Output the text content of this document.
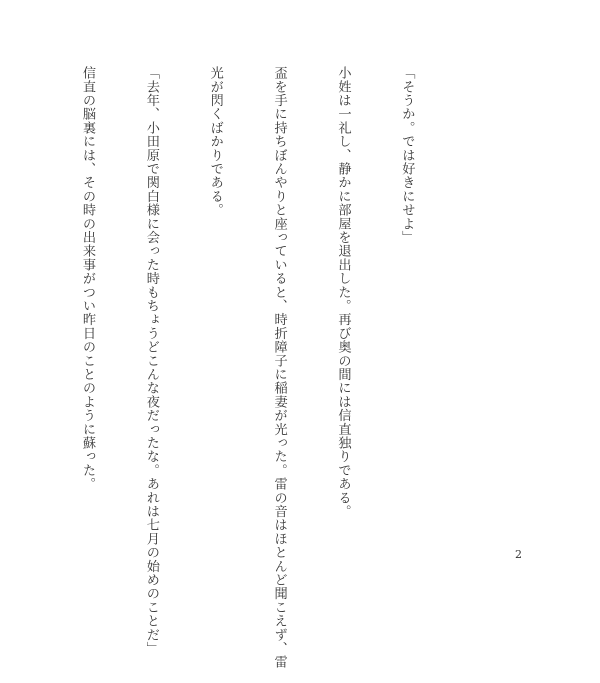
「そうか。では好きにせよ」

小姓は一礼し、静かに部屋を退出した。再び奥の間には信直独りである。

盃を手に持ちぼんやりと座っていると、時折障子に稲妻が光った。雷の音はほとんど聞こえず、雷

光が閃くばかりである。

「去年、小田原で関白様に会った時もちょうどこんな夜だったな。あれは七月の始めのことだ」

信直の脳裏には、その時の出来事がつい昨日のことのように蘇った。

2
